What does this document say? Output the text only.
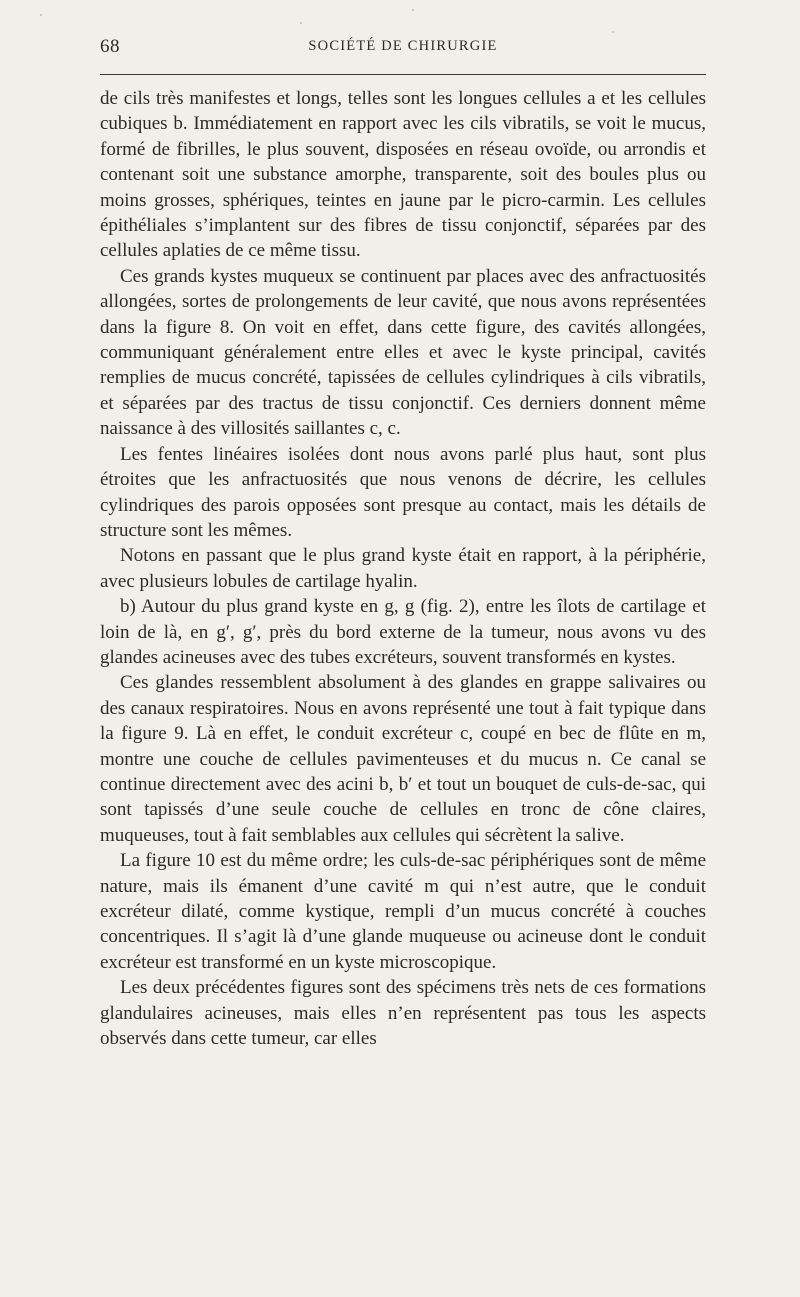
68	SOCIÉTÉ DE CHIRURGIE

de cils très manifestes et longs, telles sont les longues cellules a et les cellules cubiques b. Immédiatement en rapport avec les cils vibratils, se voit le mucus, formé de fibrilles, le plus souvent, disposées en réseau ovoïde, ou arrondis et contenant soit une substance amorphe, transparente, soit des boules plus ou moins grosses, sphériques, teintes en jaune par le picro-carmin. Les cellules épithéliales s’implantent sur des fibres de tissu conjonctif, séparées par des cellules aplaties de ce même tissu.

Ces grands kystes muqueux se continuent par places avec des anfractuosités allongées, sortes de prolongements de leur cavité, que nous avons représentées dans la figure 8. On voit en effet, dans cette figure, des cavités allongées, communiquant généralement entre elles et avec le kyste principal, cavités remplies de mucus concrété, tapissées de cellules cylindriques à cils vibratils, et séparées par des tractus de tissu conjonctif. Ces derniers donnent même naissance à des villosités saillantes c, c.

Les fentes linéaires isolées dont nous avons parlé plus haut, sont plus étroites que les anfractuosités que nous venons de décrire, les cellules cylindriques des parois opposées sont presque au contact, mais les détails de structure sont les mêmes.

Notons en passant que le plus grand kyste était en rapport, à la périphérie, avec plusieurs lobules de cartilage hyalin.

b) Autour du plus grand kyste en g, g (fig. 2), entre les îlots de cartilage et loin de là, en g′, g′, près du bord externe de la tumeur, nous avons vu des glandes acineuses avec des tubes excréteurs, souvent transformés en kystes.

Ces glandes ressemblent absolument à des glandes en grappe salivaires ou des canaux respiratoires. Nous en avons représenté une tout à fait typique dans la figure 9. Là en effet, le conduit excréteur c, coupé en bec de flûte en m, montre une couche de cellules pavimenteuses et du mucus n. Ce canal se continue directement avec des acini b, b′ et tout un bouquet de culs-de-sac, qui sont tapissés d’une seule couche de cellules en tronc de cône claires, muqueuses, tout à fait semblables aux cellules qui sécrètent la salive.

La figure 10 est du même ordre; les culs-de-sac périphériques sont de même nature, mais ils émanent d’une cavité m qui n’est autre, que le conduit excréteur dilaté, comme kystique, rempli d’un mucus concrété à couches concentriques. Il s’agit là d’une glande muqueuse ou acineuse dont le conduit excréteur est transformé en un kyste microscopique.

Les deux précédentes figures sont des spécimens très nets de ces formations glandulaires acineuses, mais elles n’en représentent pas tous les aspects observés dans cette tumeur, car elles
